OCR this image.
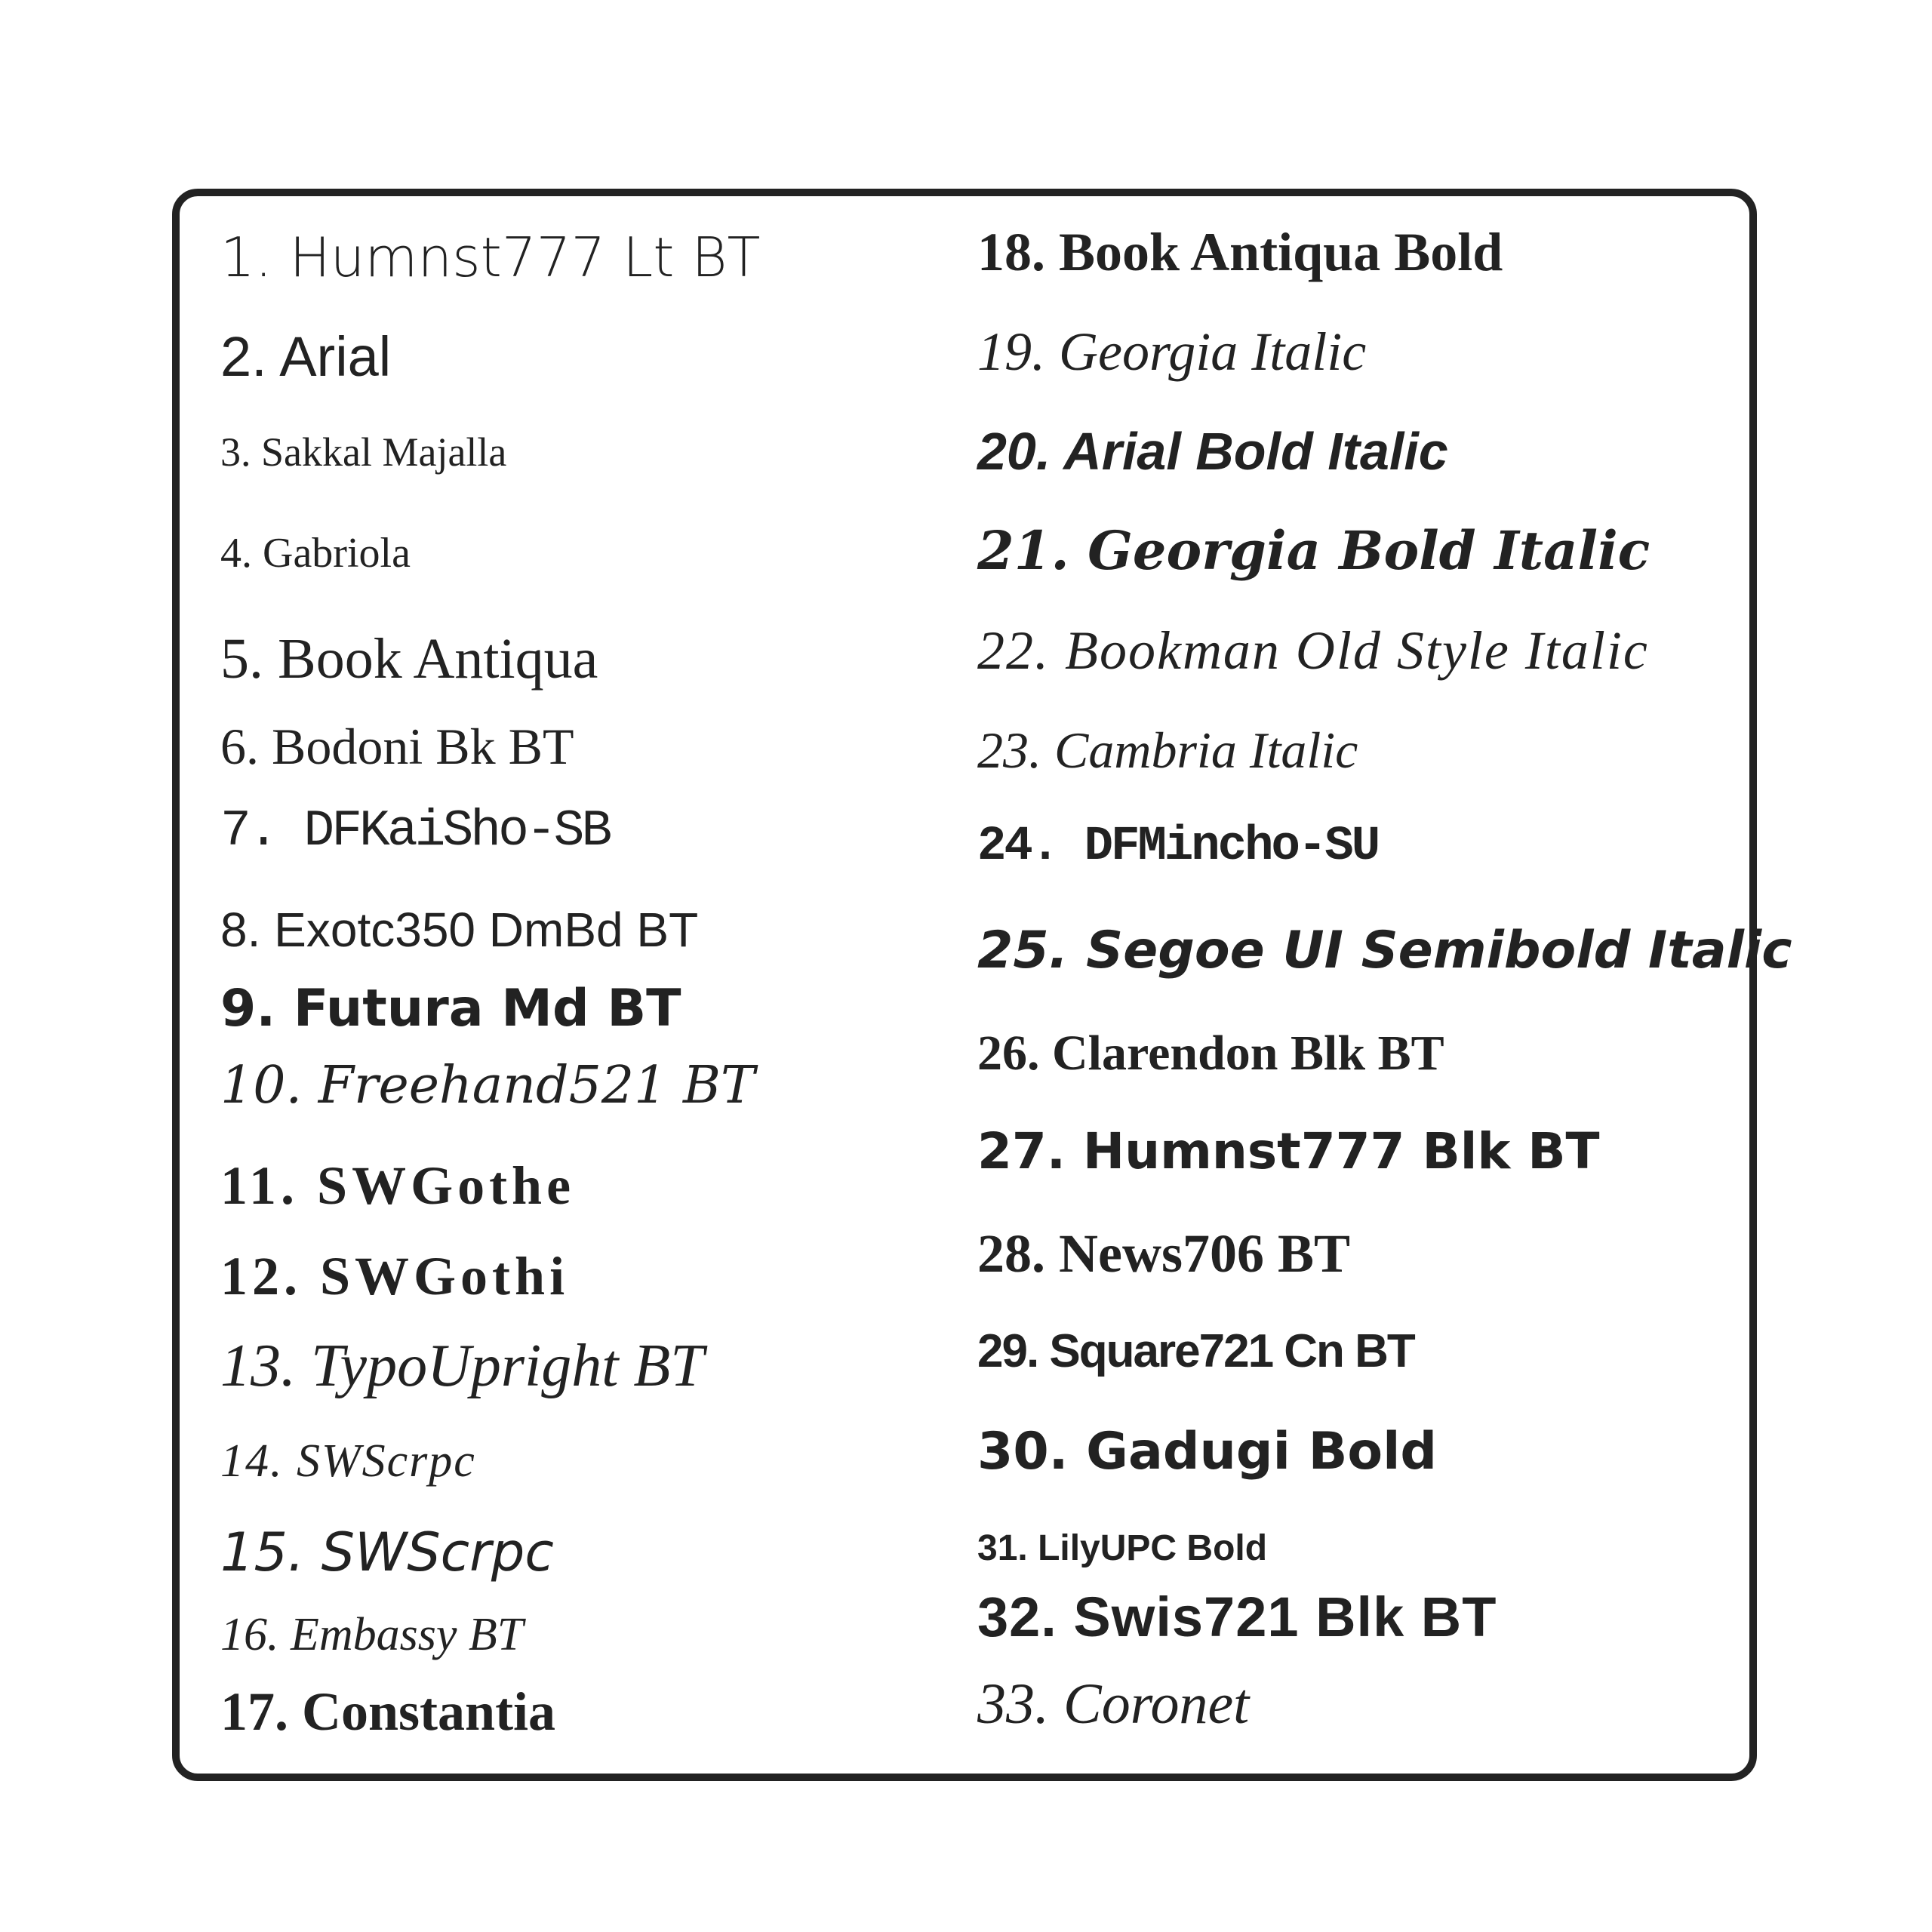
1. Humnst777 Lt BT
2. Arial
3. Sakkal Majalla
4. Gabriola
5. Book Antiqua
6. Bodoni Bk BT
7. DFKaiSho-SB
8. Exotc350 DmBd BT
9. Futura Md BT
10. Freehand521 BT
11. SWGothe
12. SWGothi
13. TypoUpright BT
14. SWScrpc
15. SWScrpc
16. Embassy BT
17. Constantia
18. Book Antiqua Bold
19. Georgia Italic
20. Arial Bold Italic
21. Georgia Bold Italic
22. Bookman Old Style Italic
23. Cambria Italic
24. DFMincho-SU
25. Segoe UI Semibold Italic
26. Clarendon Blk BT
27. Humnst777 Blk BT
28. News706 BT
29. Square721 Cn BT
30. Gadugi Bold
31. LilyUPC Bold
32. Swis721 Blk BT
33. Coronet
